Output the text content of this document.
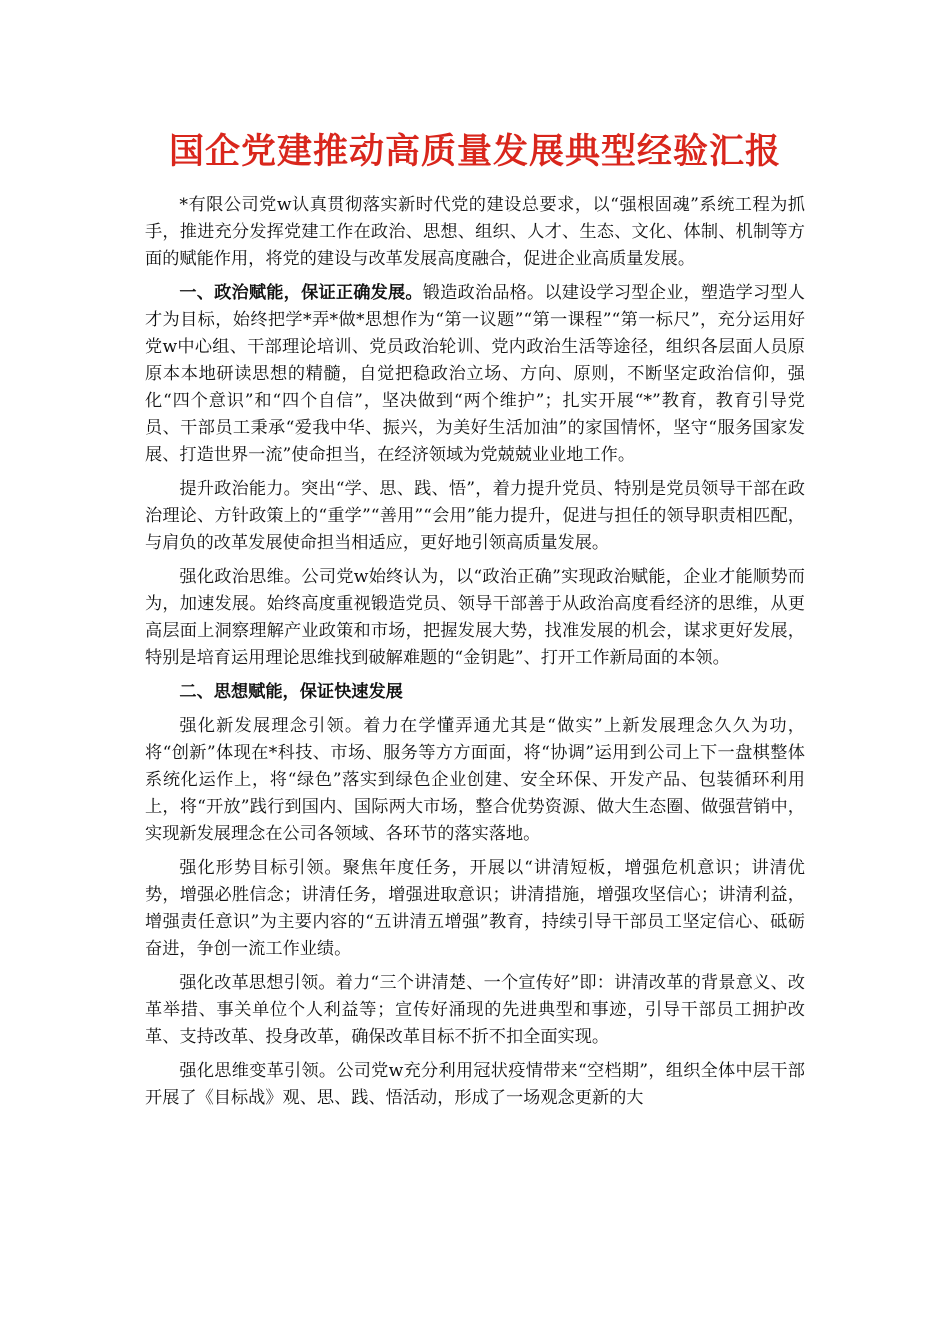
国企党建推动高质量发展典型经验汇报

*有限公司党w认真贯彻落实新时代党的建设总要求，以“强根固魂”系统工程为抓手，推进充分发挥党建工作在政治、思想、组织、人才、生态、文化、体制、机制等方面的赋能作用，将党的建设与改革发展高度融合，促进企业高质量发展。

一、政治赋能，保证正确发展。锻造政治品格。以建设学习型企业，塑造学习型人才为目标，始终把学*弄*做*思想作为“第一议题”“第一课程”“第一标尺”，充分运用好党w中心组、干部理论培训、党员政治轮训、党内政治生活等途径，组织各层面人员原原本本地研读思想的精髓，自觉把稳政治立场、方向、原则，不断坚定政治信仰，强化“四个意识”和“四个自信”，坚决做到“两个维护”；扎实开展“*”教育，教育引导党员、干部员工秉承“爱我中华、振兴，为美好生活加油”的家国情怀，坚守“服务国家发展、打造世界一流”使命担当，在经济领域为党兢兢业业地工作。

提升政治能力。突出“学、思、践、悟”，着力提升党员、特别是党员领导干部在政治理论、方针政策上的“重学”“善用”“会用”能力提升，促进与担任的领导职责相匹配，与肩负的改革发展使命担当相适应，更好地引领高质量发展。

强化政治思维。公司党w始终认为，以“政治正确”实现政治赋能，企业才能顺势而为，加速发展。始终高度重视锻造党员、领导干部善于从政治高度看经济的思维，从更高层面上洞察理解产业政策和市场，把握发展大势，找准发展的机会，谋求更好发展，特别是培育运用理论思维找到破解难题的“金钥匙”、打开工作新局面的本领。

二、思想赋能，保证快速发展

强化新发展理念引领。着力在学懂弄通尤其是“做实”上新发展理念久久为功，将“创新”体现在*科技、市场、服务等方方面面，将“协调”运用到公司上下一盘棋整体系统化运作上，将“绿色”落实到绿色企业创建、安全环保、开发产品、包装循环利用上，将“开放”践行到国内、国际两大市场，整合优势资源、做大生态圈、做强营销中，实现新发展理念在公司各领域、各环节的落实落地。

强化形势目标引领。聚焦年度任务，开展以“讲清短板，增强危机意识；讲清优势，增强必胜信念；讲清任务，增强进取意识；讲清措施，增强攻坚信心；讲清利益，增强责任意识”为主要内容的“五讲清五增强”教育，持续引导干部员工坚定信心、砥砺奋进，争创一流工作业绩。

强化改革思想引领。着力“三个讲清楚、一个宣传好”即：讲清改革的背景意义、改革举措、事关单位个人利益等；宣传好涌现的先进典型和事迹，引导干部员工拥护改革、支持改革、投身改革，确保改革目标不折不扣全面实现。

强化思维变革引领。公司党w充分利用冠状疫情带来“空档期”，组织全体中层干部开展了《目标战》观、思、践、悟活动，形成了一场观念更新的大
